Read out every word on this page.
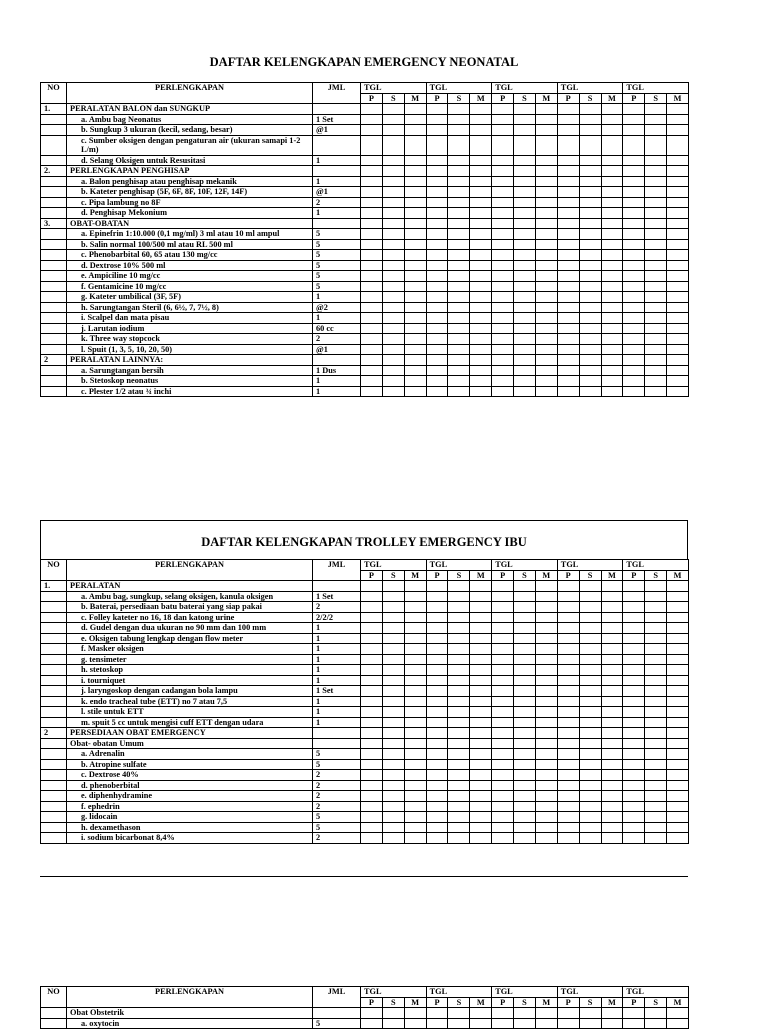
DAFTAR KELENGKAPAN EMERGENCY NEONATAL
NO	PERLENGKAPAN	JML	TGL			TGL			TGL			TGL			TGL		
			P	S	M	P	S	M	P	S	M	P	S	M	P	S	M
1.	PERALATAN BALON dan SUNGKUP																
	a. Ambu bag Neonatus	1 Set															
	b. Sungkup 3 ukuran (kecil, sedang, besar)	@1															
	c. Sumber oksigen dengan pengaturan air (ukuran samapi 1-2 L/m)																
	d. Selang Oksigen untuk Resusitasi	1															
2.	PERLENGKAPAN PENGHISAP																
	a. Balon penghisap atau penghisap mekanik	1															
	b. Kateter penghisap (5F, 6F, 8F, 10F, 12F, 14F)	@1															
	c. Pipa lambung no 8F	2															
	d. Penghisap Mekonium	1															
3.	OBAT-OBATAN																
	a. Epinefrin 1:10.000 (0,1 mg/ml) 3 ml atau 10 ml ampul	5															
	b. Salin normal 100/500 ml atau RL 500 ml	5															
	c. Phenobarbital 60, 65 atau 130 mg/cc	5															
	d. Dextrose 10% 500 ml	5															
	e. Ampiciline 10 mg/cc	5															
	f. Gentamicine 10 mg/cc	5															
	g. Kateter umbilical (3F, 5F)	1															
	h. Sarungtangan Steril (6, 6½, 7, 7½, 8)	@2															
	i. Scalpel dan mata pisau	1															
	j. Larutan iodium	60 cc															
	k. Three way stopcock	2															
	l. Spuit (1, 3, 5, 10, 20, 50)	@1															
2	PERALATAN LAINNYA:																
	a. Sarungtangan bersih	1 Dus															
	b. Stetoskop neonatus	1															
	c. Plester 1/2 atau ¾ inchi	1															
DAFTAR KELENGKAPAN TROLLEY EMERGENCY IBU
NO	PERLENGKAPAN	JML	TGL			TGL			TGL			TGL			TGL		
			P	S	M	P	S	M	P	S	M	P	S	M	P	S	M
1.	PERALATAN																
	a. Ambu bag, sungkup, selang oksigen, kanula oksigen	1 Set															
	b. Baterai, persediaan batu baterai yang siap pakai	2															
	c. Folley kateter no 16, 18 dan katong urine	2/2/2															
	d. Gudel dengan dua ukuran no 90 mm dan 100 mm	1															
	e. Oksigen tabung lengkap dengan flow meter	1															
	f. Masker oksigen	1															
	g. tensimeter	1															
	h. stetoskop	1															
	i. tourniquet	1															
	j. laryngoskop dengan cadangan bola lampu	1 Set															
	k. endo tracheal tube (ETT) no 7 atau 7,5	1															
	l. stile untuk ETT	1															
	m. spuit 5 cc untuk mengisi cuff ETT dengan udara	1															
2	PERSEDIAAN OBAT EMERGENCY																
	Obat- obatan Umum																
	a. Adrenalin	5															
	b. Atropine sulfate	5															
	c. Dextrose 40%	2															
	d. phenoberbital	2															
	e. diphenhydramine	2															
	f. ephedrin	2															
	g. lidocain	5															
	h. dexamethason	5															
	i. sodium bicarbonat 8,4%	2															
NO	PERLENGKAPAN	JML	TGL			TGL			TGL			TGL			TGL		
			P	S	M	P	S	M	P	S	M	P	S	M	P	S	M
	Obat Obstetrik																
	a. oxytocin	5															
